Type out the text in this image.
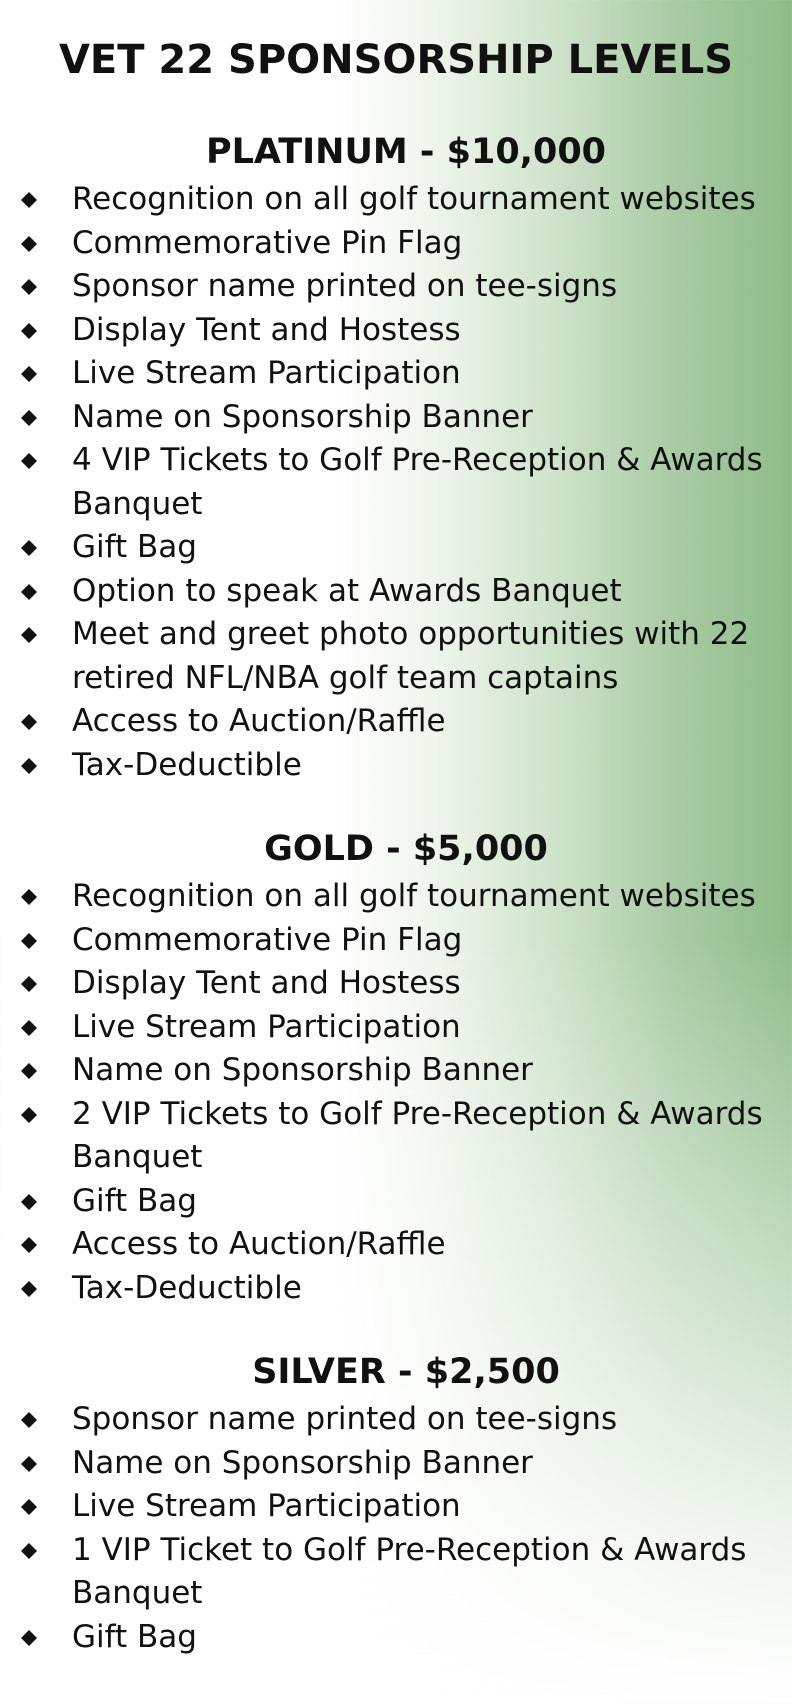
VET 22 SPONSORSHIP LEVELS
PLATINUM - $10,000
Recognition on all golf tournament websites
Commemorative Pin Flag
Sponsor name printed on tee-signs
Display Tent and Hostess
Live Stream Participation
Name on Sponsorship Banner
4 VIP Tickets to Golf Pre-Reception & Awards Banquet
Gift Bag
Option to speak at Awards Banquet
Meet and greet photo opportunities with 22 retired NFL/NBA golf team captains
Access to Auction/Raffle
Tax-Deductible
GOLD - $5,000
Recognition on all golf tournament websites
Commemorative Pin Flag
Display Tent and Hostess
Live Stream Participation
Name on Sponsorship Banner
2 VIP Tickets to Golf Pre-Reception & Awards Banquet
Gift Bag
Access to Auction/Raffle
Tax-Deductible
SILVER - $2,500
Sponsor name printed on tee-signs
Name on Sponsorship Banner
Live Stream Participation
1 VIP Ticket to Golf Pre-Reception & Awards Banquet
Gift Bag
